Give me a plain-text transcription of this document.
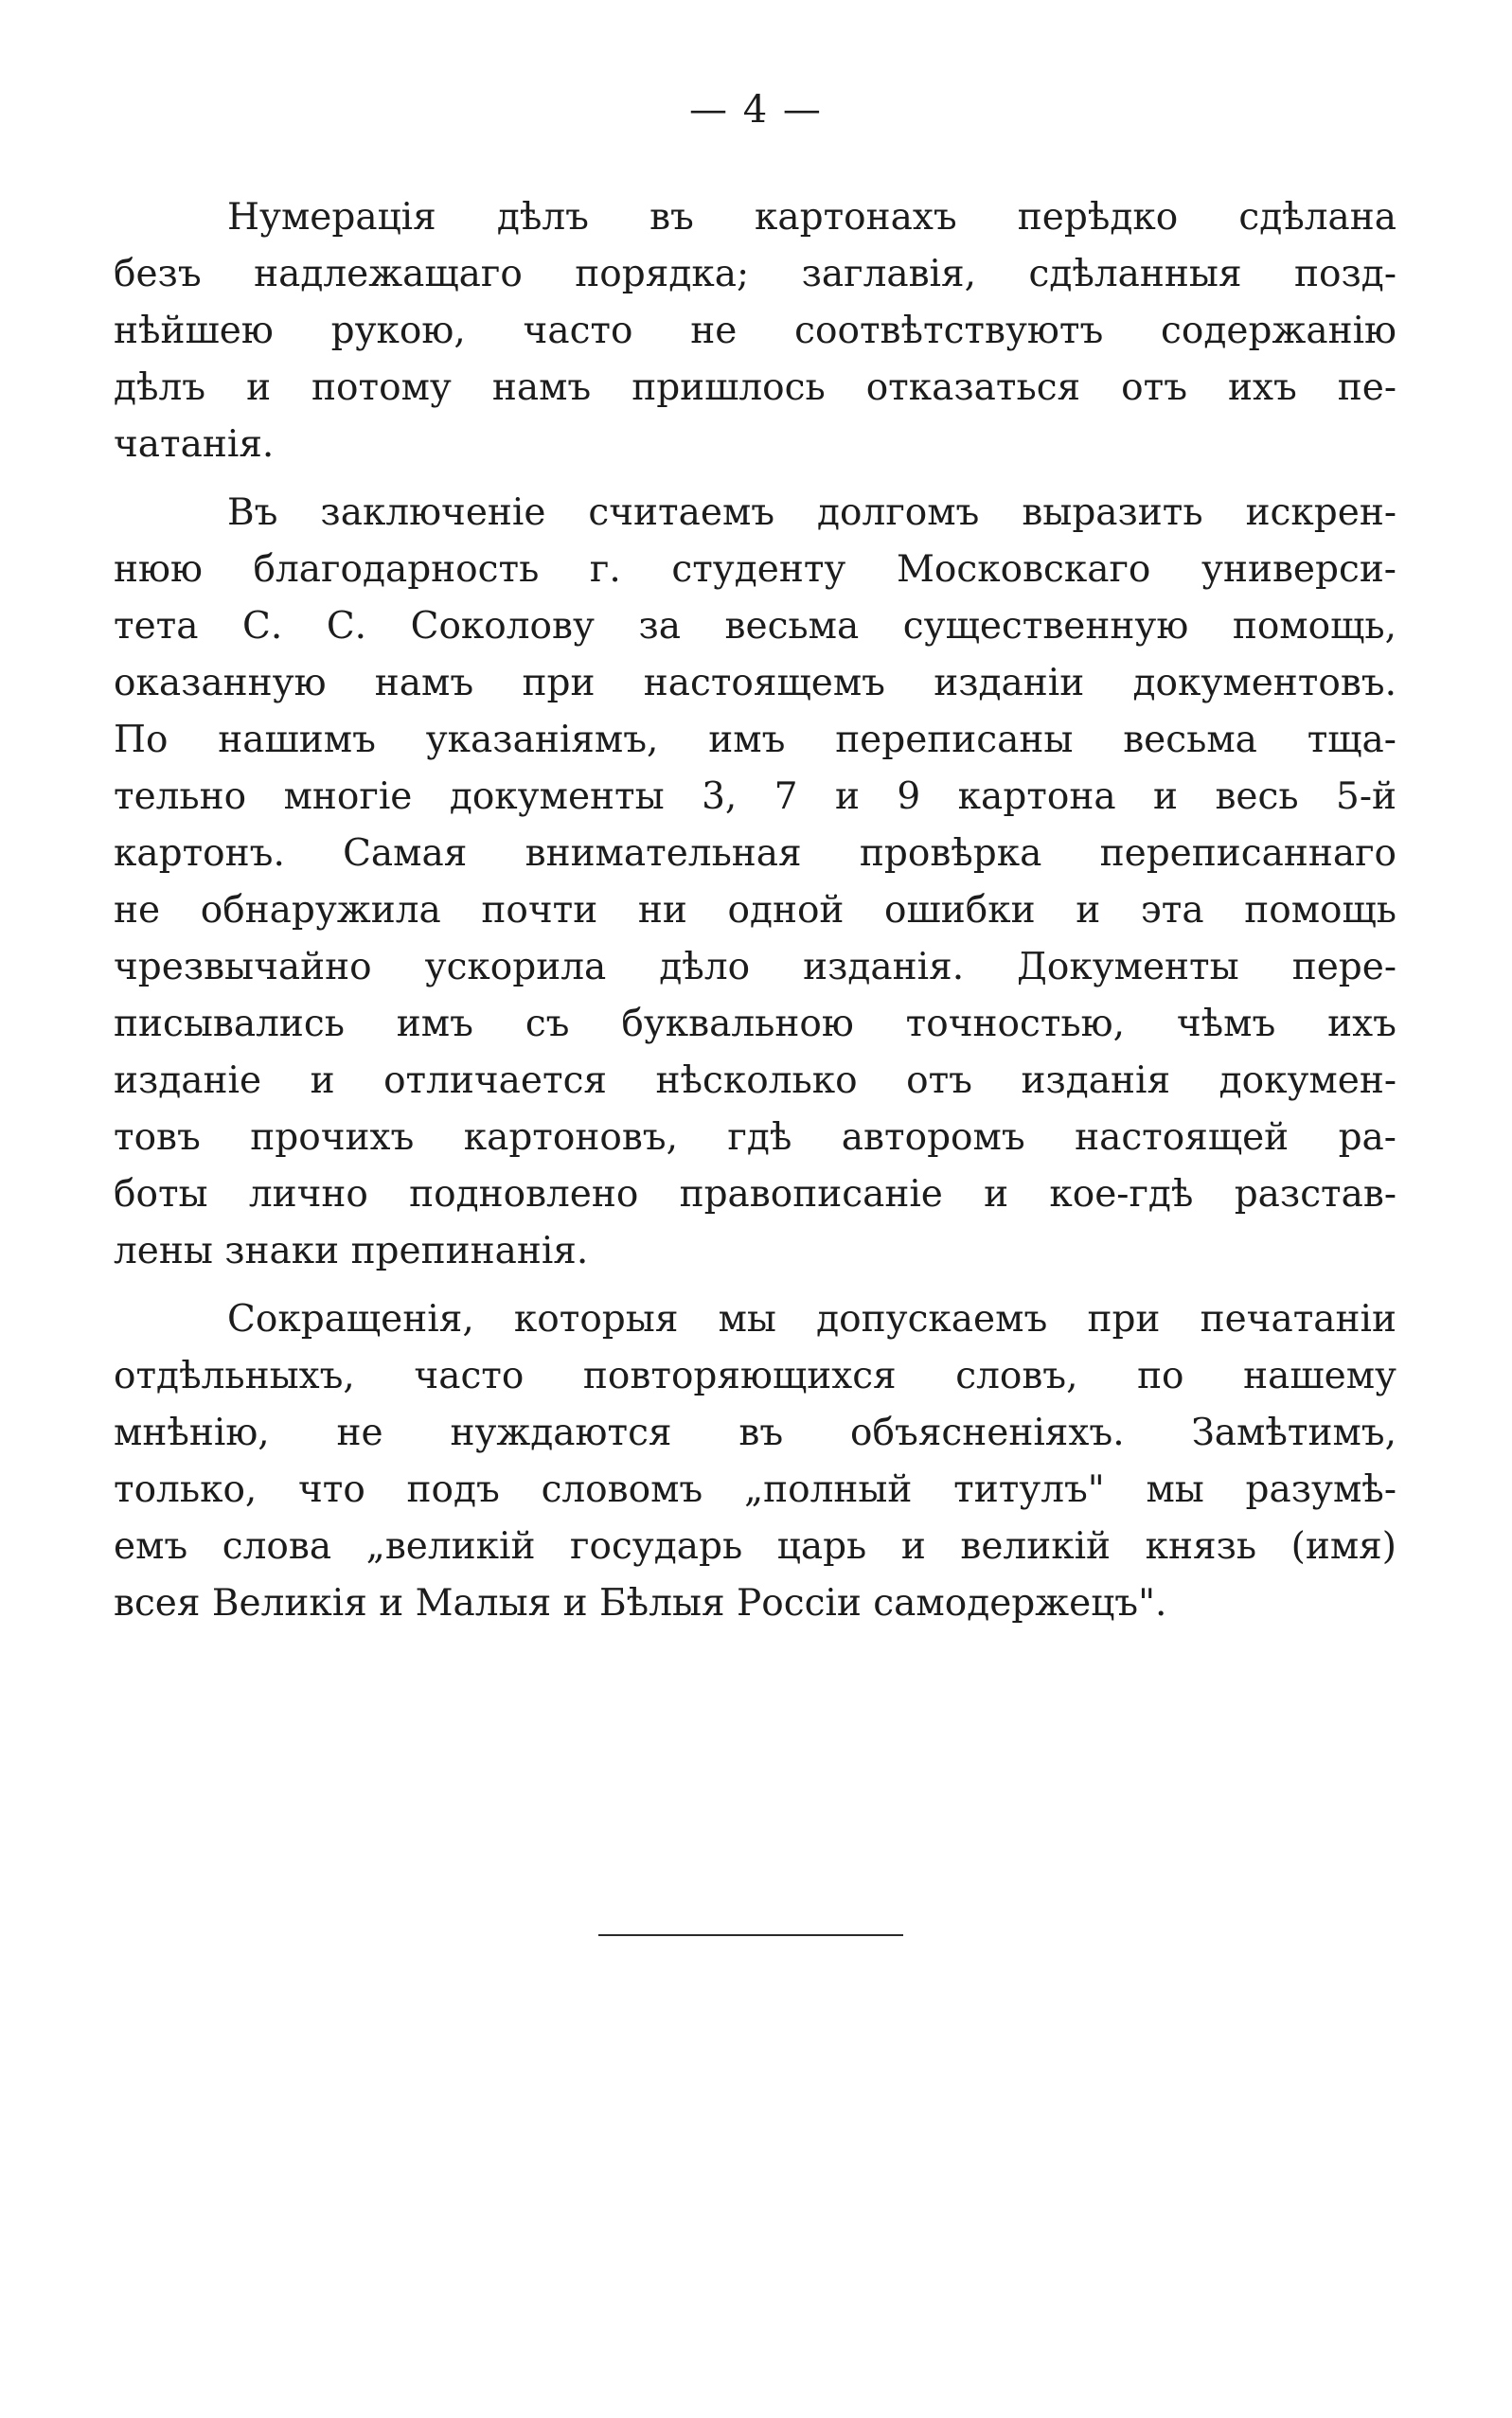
— 4 —
Нумерація дѣлъ въ картонахъ перѣдко сдѣлана
безъ надлежащаго порядка; заглавія, сдѣланныя позд-
нѣйшею рукою, часто не соотвѣтствуютъ содержанію
дѣлъ и потому намъ пришлось отказаться отъ ихъ пе-
чатанія.
Въ заключеніе считаемъ долгомъ выразить искрен-
нюю благодарность г. студенту Московскаго универси-
тета С. С. Соколову за весьма существенную помощь,
оказанную намъ при настоящемъ изданіи документовъ.
По нашимъ указаніямъ, имъ переписаны весьма тща-
тельно многіе документы 3, 7 и 9 картона и весь 5-й
картонъ. Самая внимательная провѣрка переписаннаго
не обнаружила почти ни одной ошибки и эта помощь
чрезвычайно ускорила дѣло изданія. Документы пере-
писывались имъ съ буквальною точностью, чѣмъ ихъ
изданіе и отличается нѣсколько отъ изданія докумен-
товъ прочихъ картоновъ, гдѣ авторомъ настоящей ра-
боты лично подновлено правописаніе и кое-гдѣ разстав-
лены знаки препинанія.
Сокращенія, которыя мы допускаемъ при печатаніи
отдѣльныхъ, часто повторяющихся словъ, по нашему
мнѣнію, не нуждаются въ объясненіяхъ. Замѣтимъ,
только, что подъ словомъ „полный титулъ" мы разумѣ-
емъ слова „великій государь царь и великій князь (имя)
всея Великія и Малыя и Бѣлыя Россіи самодержецъ".
